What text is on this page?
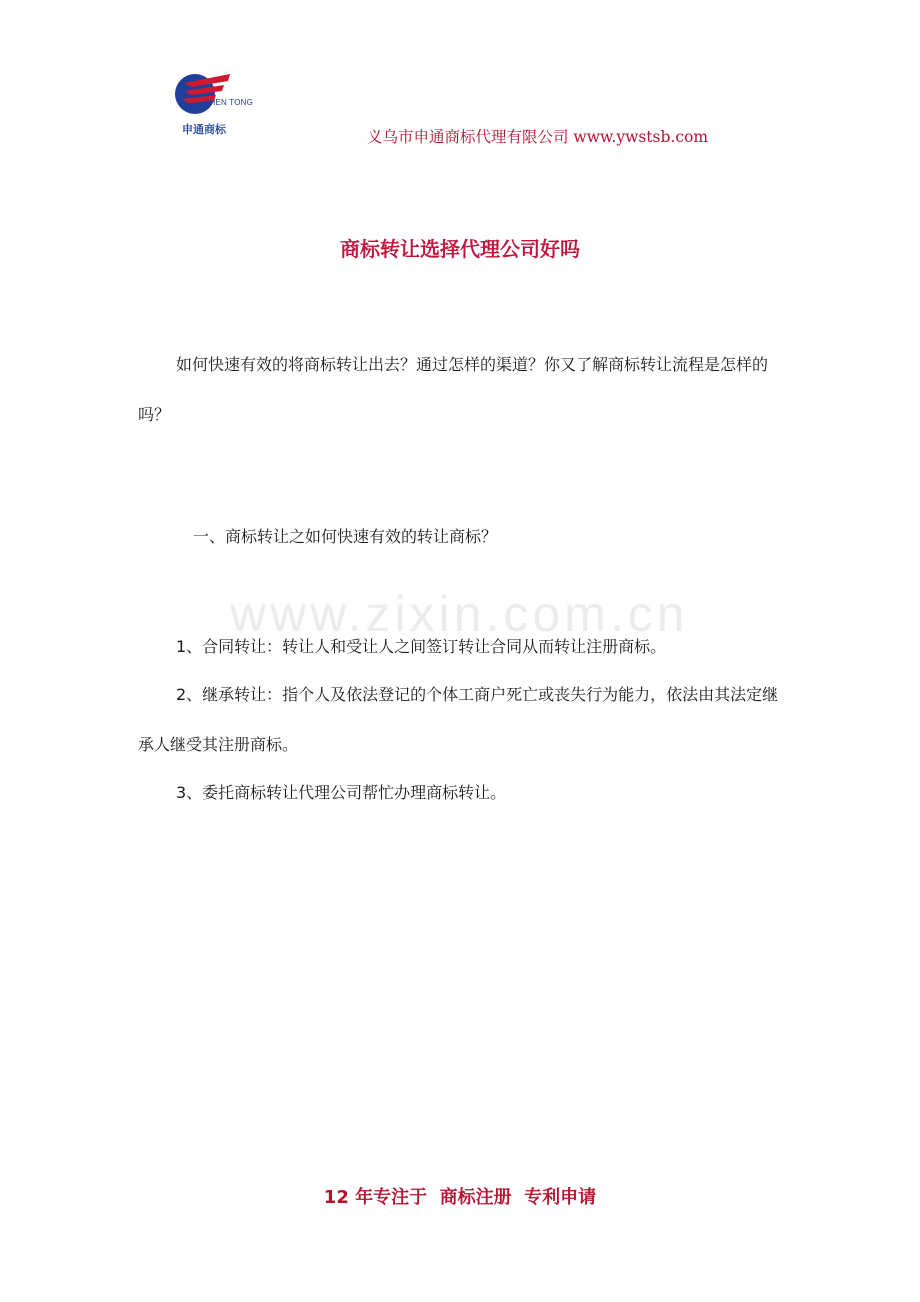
SHEN TONG
申通商标	义乌市申通商标代理有限公司 www.ywstsb.com
商标转让选择代理公司好吗

如何快速有效的将商标转让出去？通过怎样的渠道？你又了解商标转让流程是怎样的吗？

一、商标转让之如何快速有效的转让商标？

www.zixin.com.cn

1、合同转让：转让人和受让人之间签订转让合同从而转让注册商标。

2、继承转让：指个人及依法登记的个体工商户死亡或丧失行为能力，依法由其法定继承人继受其注册商标。

3、委托商标转让代理公司帮忙办理商标转让。

12 年专注于  商标注册  专利申请
